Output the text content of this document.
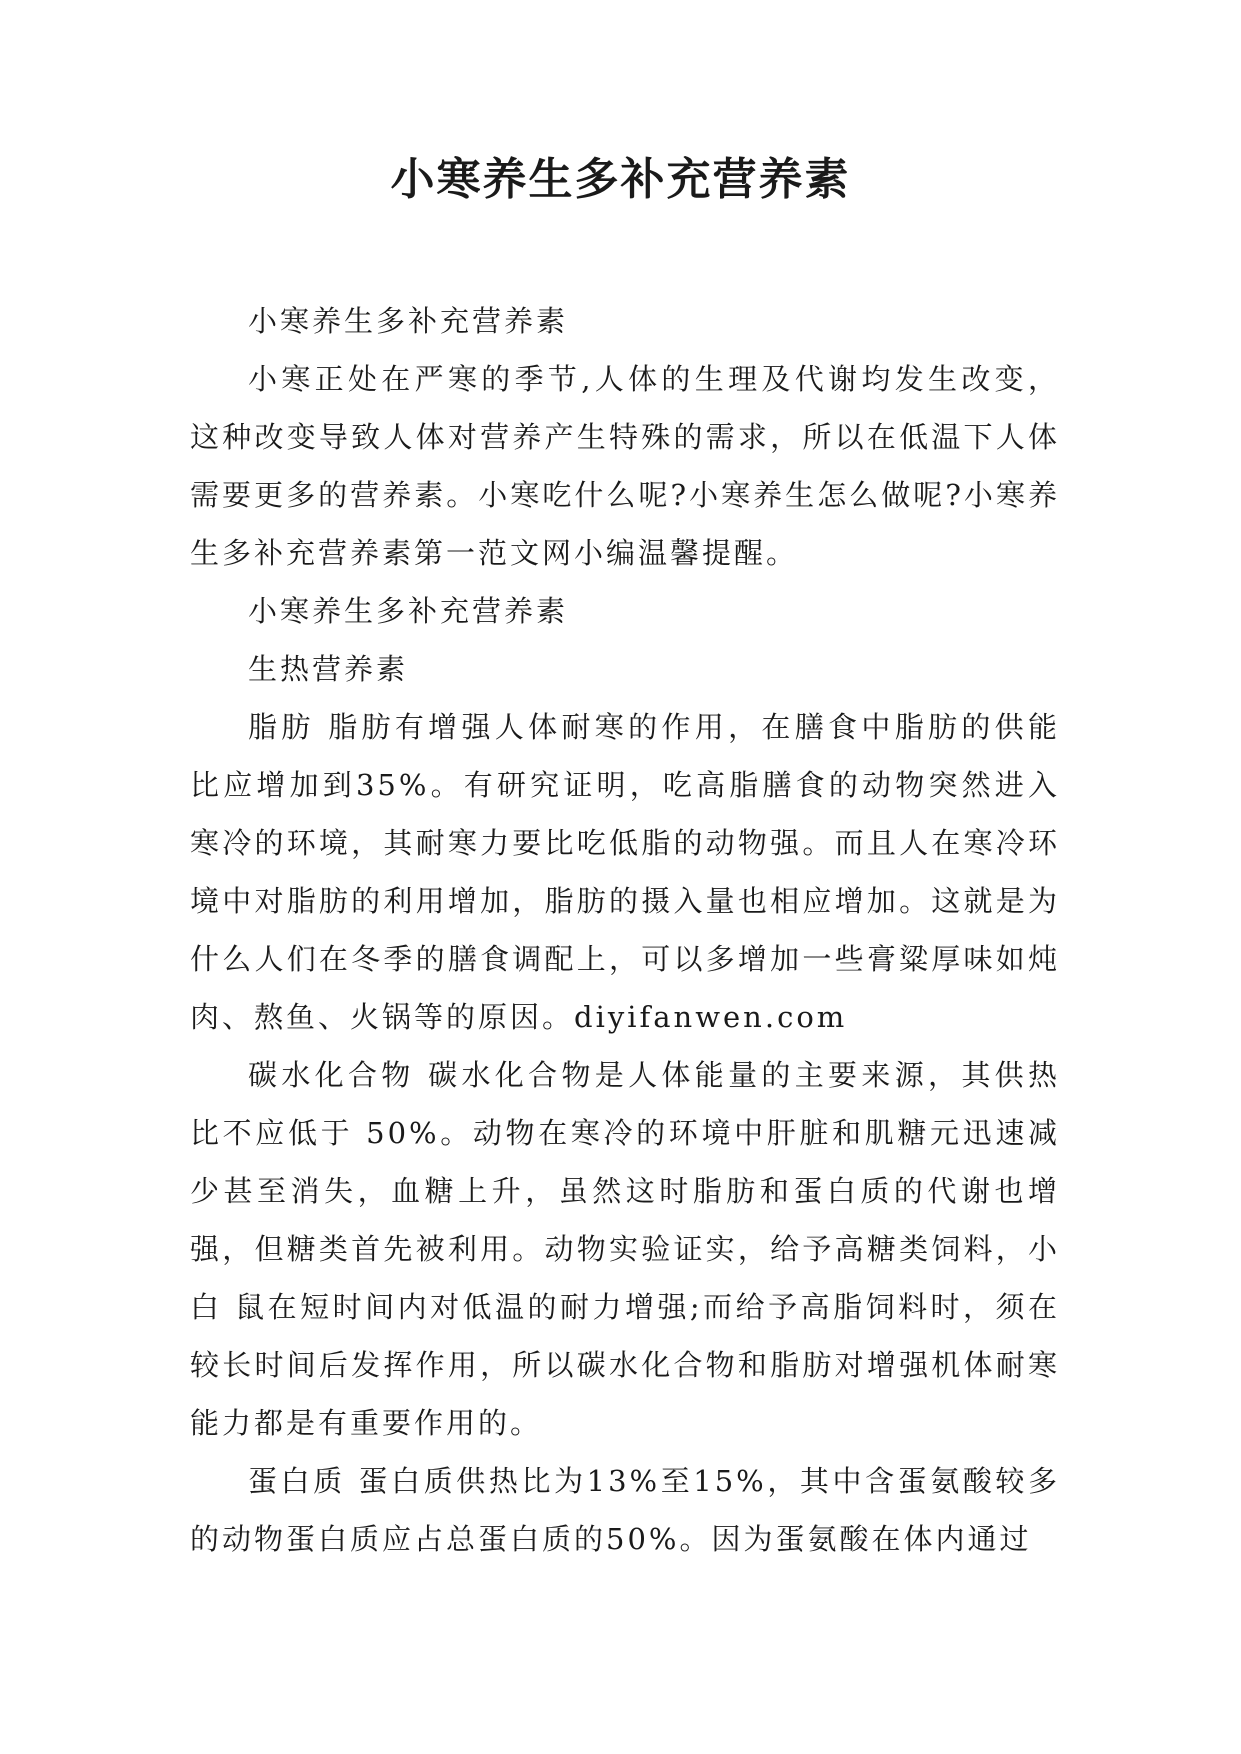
小寒养生多补充营养素

小寒养生多补充营养素

小寒正处在严寒的季节,人体的生理及代谢均发生改变，这种改变导致人体对营养产生特殊的需求，所以在低温下人体需要更多的营养素。小寒吃什么呢?小寒养生怎么做呢?小寒养生多补充营养素第一范文网小编温馨提醒。

小寒养生多补充营养素

生热营养素

脂肪 脂肪有增强人体耐寒的作用，在膳食中脂肪的供能比应增加到35%。有研究证明，吃高脂膳食的动物突然进入寒冷的环境，其耐寒力要比吃低脂的动物强。而且人在寒冷环境中对脂肪的利用增加，脂肪的摄入量也相应增加。这就是为什么人们在冬季的膳食调配上，可以多增加一些膏粱厚味如炖肉、熬鱼、火锅等的原因。diyifanwen.com

碳水化合物 碳水化合物是人体能量的主要来源，其供热比不应低于 50%。动物在寒冷的环境中肝脏和肌糖元迅速减少甚至消失，血糖上升，虽然这时脂肪和蛋白质的代谢也增强，但糖类首先被利用。动物实验证实，给予高糖类饲料，小白 鼠在短时间内对低温的耐力增强;而给予高脂饲料时，须在较长时间后发挥作用，所以碳水化合物和脂肪对增强机体耐寒能力都是有重要作用的。

蛋白质 蛋白质供热比为13%至15%，其中含蛋氨酸较多的动物蛋白质应占总蛋白质的50%。因为蛋氨酸在体内通过
